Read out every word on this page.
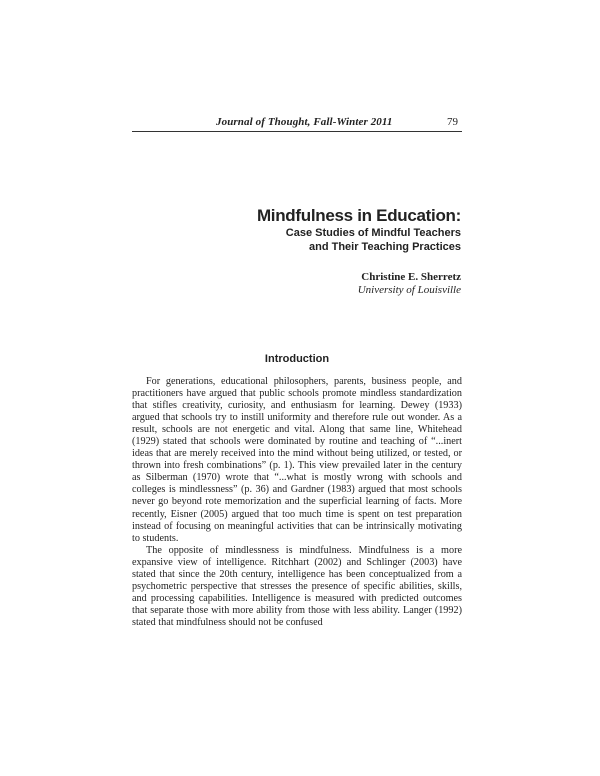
Journal of Thought, Fall-Winter 2011	79
Mindfulness in Education:
Case Studies of Mindful Teachers
and Their Teaching Practices
Christine E. Sherretz
University of Louisville
Introduction

For generations, educational philosophers, parents, business people, and practitioners have argued that public schools promote mindless standardization that stifles creativity, curiosity, and enthusiasm for learning. Dewey (1933) argued that schools try to instill uniformity and therefore rule out wonder. As a result, schools are not energetic and vital. Along that same line, Whitehead (1929) stated that schools were dominated by routine and teaching of “...inert ideas that are merely received into the mind without being utilized, or tested, or thrown into fresh combinations” (p. 1). This view prevailed later in the century as Silberman (1970) wrote that “...what is mostly wrong with schools and colleges is mindlessness” (p. 36) and Gardner (1983) argued that most schools never go beyond rote memorization and the superficial learning of facts. More recently, Eisner (2005) argued that too much time is spent on test preparation instead of focusing on meaningful activities that can be intrinsically motivating to students.

The opposite of mindlessness is mindfulness. Mindfulness is a more expansive view of intelligence. Ritchhart (2002) and Schlinger (2003) have stated that since the 20th century, intelligence has been conceptualized from a psychometric perspective that stresses the presence of specific abilities, skills, and processing capabilities. Intelligence is measured with predicted outcomes that separate those with more ability from those with less ability. Langer (1992) stated that mindfulness should not be confused
